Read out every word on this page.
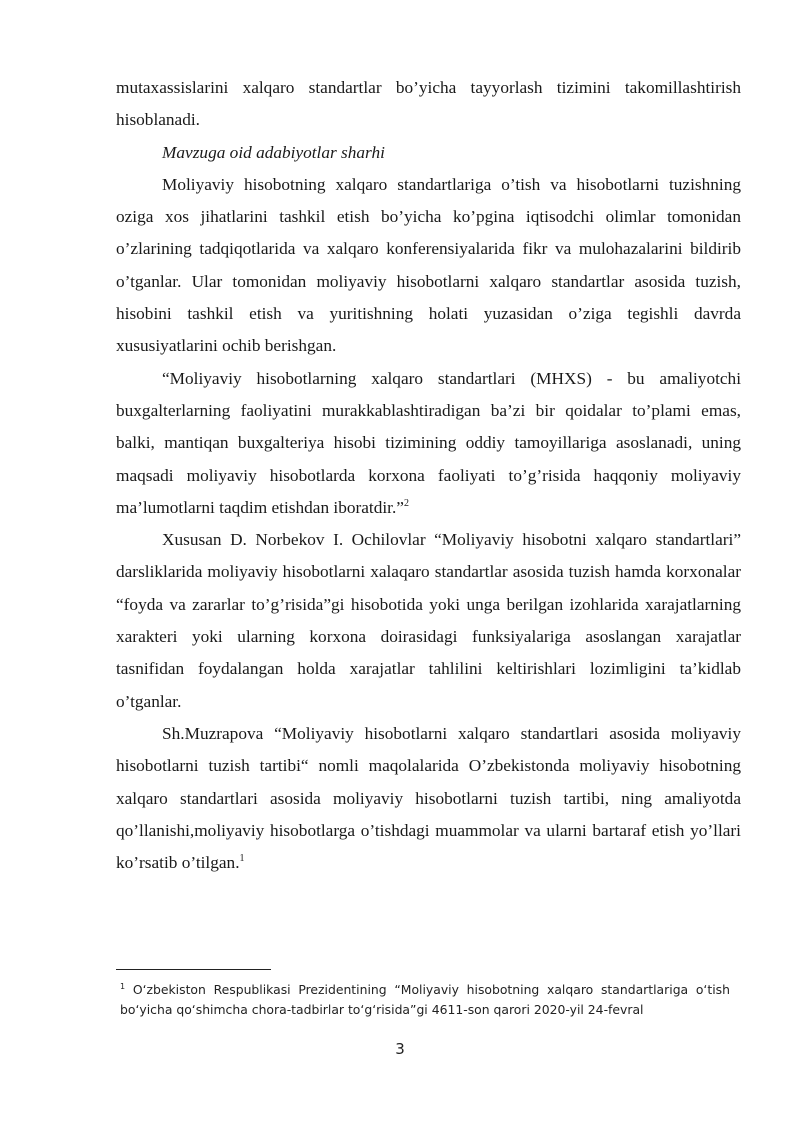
mutaxassislarini xalqaro standartlar bo’yicha tayyorlash tizimini takomillashtirish hisoblanadi.

Mavzuga oid adabiyotlar sharhi

Moliyaviy hisobotning xalqaro standartlariga o’tish va hisobotlarni tuzishning oziga xos jihatlarini tashkil etish bo’yicha ko’pgina iqtisodchi olimlar tomonidan o’zlarining tadqiqotlarida va xalqaro konferensiyalarida fikr va mulohazalarini bildirib o’tganlar. Ular tomonidan moliyaviy hisobotlarni xalqaro standartlar asosida tuzish, hisobini tashkil etish va yuritishning holati yuzasidan o’ziga tegishli davrda xususiyatlarini ochib berishgan.

“Moliyaviy hisobotlarning xalqaro standartlari (MHXS) - bu amaliyotchi buxgalterlarning faoliyatini murakkablashtiradigan ba’zi bir qoidalar to’plami emas, balki, mantiqan buxgalteriya hisobi tizimining oddiy tamoyillariga asoslanadi, uning maqsadi moliyaviy hisobotlarda korxona faoliyati to’g’risida haqqoniy moliyaviy ma’lumotlarni taqdim etishdan iboratdir.”$^2$

Xususan D. Norbekov I. Ochilovlar “Moliyaviy hisobotni xalqaro standartlari” darsliklarida moliyaviy hisobotlarni xalaqaro standartlar asosida tuzish hamda korxonalar “foyda va zararlar to’g’risida”gi hisobotida yoki unga berilgan izohlarida xarajatlarning xarakteri yoki ularning korxona doirasidagi funksiyalariga asoslangan xarajatlar tasnifidan foydalangan holda xarajatlar tahlilini keltirishlari lozimligini ta’kidlab o’tganlar.

Sh.Muzrapova “Moliyaviy hisobotlarni xalqaro standartlari asosida moliyaviy hisobotlarni tuzish tartibi“ nomli maqolalarida O’zbekistonda moliyaviy hisobotning xalqaro standartlari asosida moliyaviy hisobotlarni tuzish tartibi, ning amaliyotda qo’llanishi,moliyaviy hisobotlarga o’tishdagi muammolar va ularni bartaraf etish yo’llari ko’rsatib o’tilgan.$^1$

$^1$ O‘zbekiston Respublikasi Prezidentining “Moliyaviy hisobotning xalqaro standartlariga o‘tish bo‘yicha qo‘shimcha chora-tadbirlar to‘g‘risida”gi 4611-son qarori 2020-yil 24-fevral
3
